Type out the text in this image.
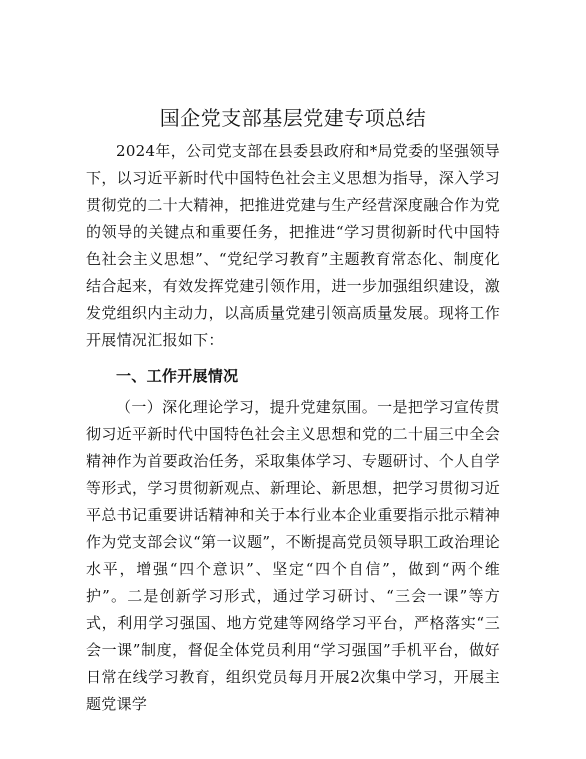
国企党支部基层党建专项总结

2024年，公司党支部在县委县政府和*局党委的坚强领导下，以习近平新时代中国特色社会主义思想为指导，深入学习贯彻党的二十大精神，把推进党建与生产经营深度融合作为党的领导的关键点和重要任务，把推进“学习贯彻新时代中国特色社会主义思想”、“党纪学习教育”主题教育常态化、制度化结合起来，有效发挥党建引领作用，进一步加强组织建设，激发党组织内主动力，以高质量党建引领高质量发展。现将工作开展情况汇报如下：

一、工作开展情况

（一）深化理论学习，提升党建氛围。一是把学习宣传贯彻习近平新时代中国特色社会主义思想和党的二十届三中全会精神作为首要政治任务，采取集体学习、专题研讨、个人自学等形式，学习贯彻新观点、新理论、新思想，把学习贯彻习近平总书记重要讲话精神和关于本行业本企业重要指示批示精神作为党支部会议“第一议题”，不断提高党员领导职工政治理论水平，增强“四个意识”、坚定“四个自信”，做到“两个维护”。二是创新学习形式，通过学习研讨、“三会一课”等方式，利用学习强国、地方党建等网络学习平台，严格落实“三会一课”制度，督促全体党员利用“学习强国”手机平台，做好日常在线学习教育，组织党员每月开展2次集中学习，开展主题党课学
